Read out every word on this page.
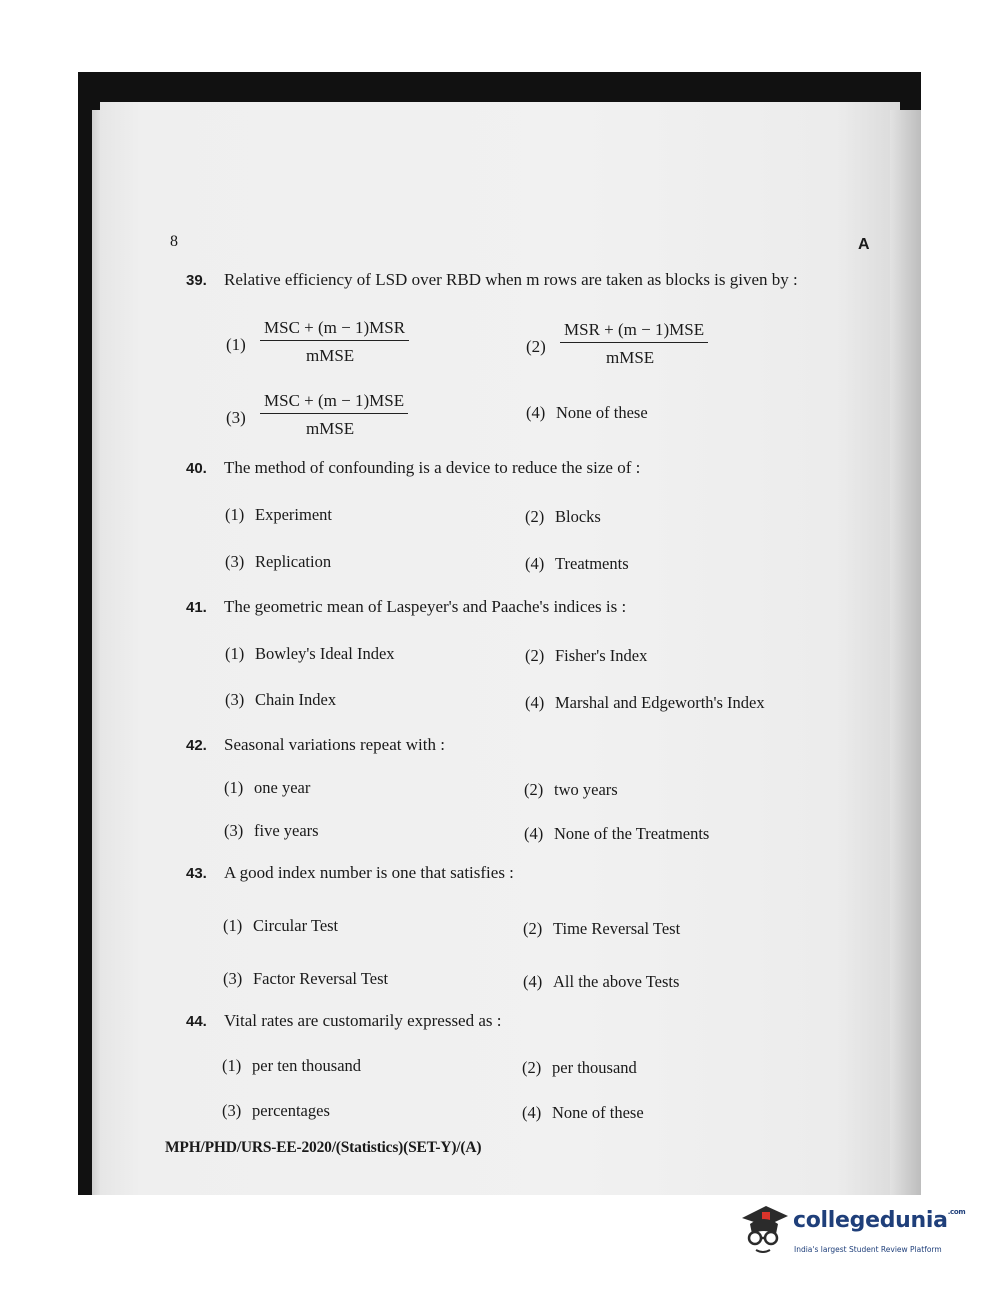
8	A
39. Relative efficiency of LSD over RBD when m rows are taken as blocks is given by :
(1)
MSC + (m − 1)MSR
mMSE	(2)
MSR + (m − 1)MSE
mMSE
(3)
MSC + (m − 1)MSE
mMSE
(4) None of these
40. The method of confounding is a device to reduce the size of :
(1) Experiment	(2) Blocks
(3) Replication	(4) Treatments
41. The geometric mean of Laspeyer's and Paache's indices is :
(1) Bowley's Ideal Index	(2) Fisher's Index
(3) Chain Index	(4) Marshal and Edgeworth's Index
42. Seasonal variations repeat with :
(1) one year	(2) two years
(3) five years	(4) None of the Treatments
43. A good index number is one that satisfies :
(1) Circular Test	(2) Time Reversal Test
(3) Factor Reversal Test	(4) All the above Tests
44. Vital rates are customarily expressed as :
(1) per ten thousand	(2) per thousand
(3) percentages	(4) None of these
MPH/PHD/URS-EE-2020/(Statistics)(SET-Y)/(A)
collegedunia$^{.com}$
India's largest Student Review Platform
